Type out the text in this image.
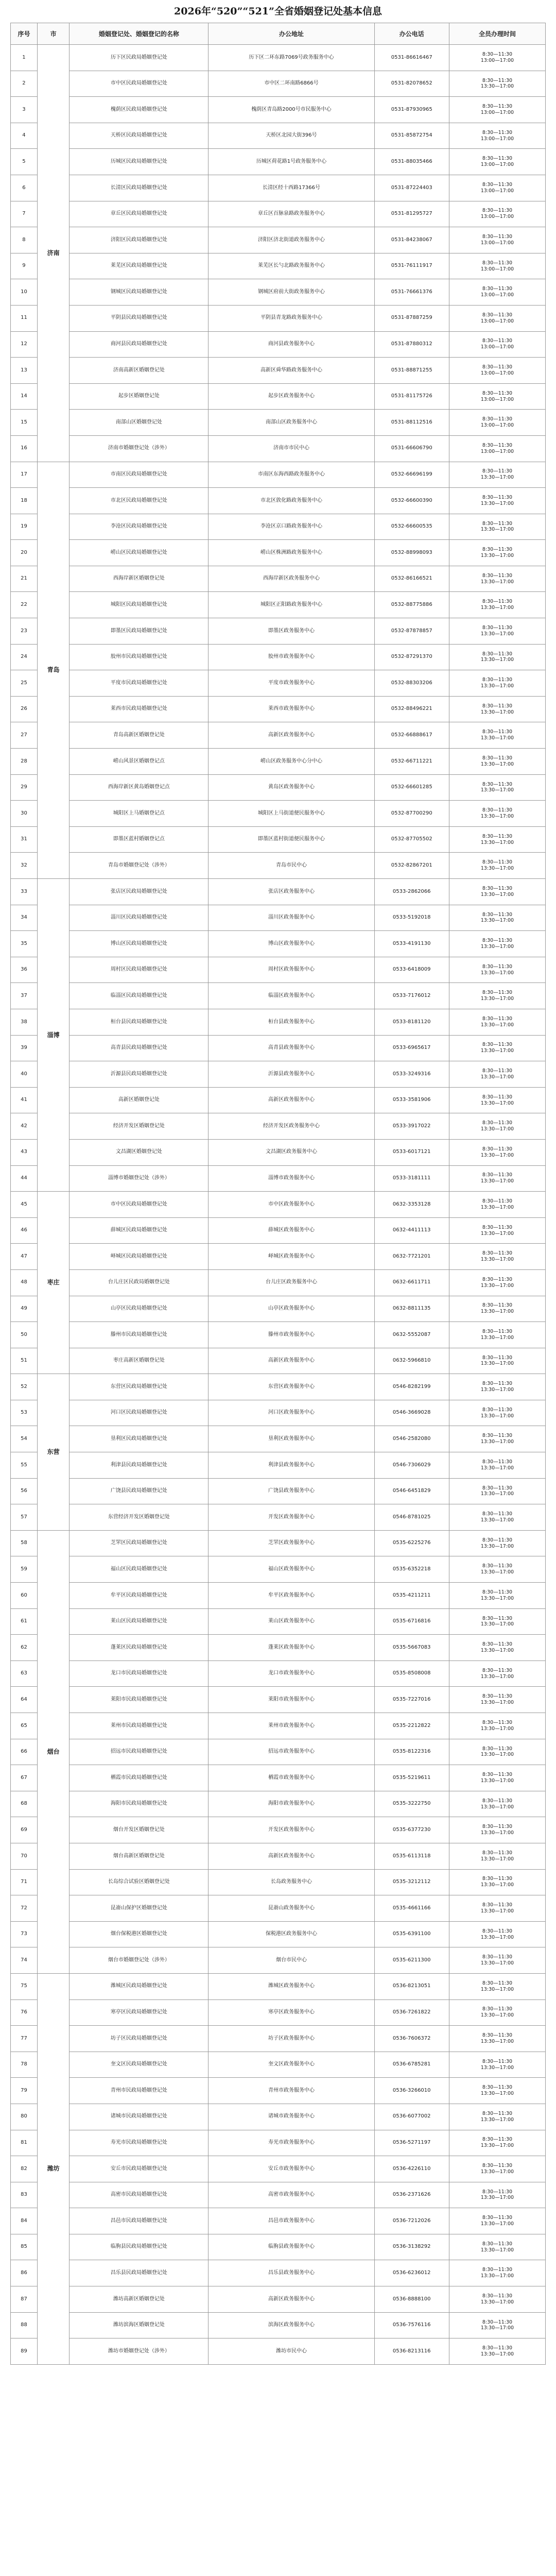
2026年“520”“521”全省婚姻登记处基本信息
序号	市	婚姻登记处、婚姻登记的名称	办公地址	办公电话	全员办理时间
1	济南	历下区民政局婚姻登记处	历下区二环东路7069号政务服务中心	0531-86616467	8:30—11:30
13:00—17:00
2		市中区民政局婚姻登记处	市中区二环南路6866号	0531-82078652	8:30—11:30
13:30—17:00
3		槐荫区民政局婚姻登记处	槐荫区青岛路2000号市民服务中心	0531-87930965	8:30—11:30
13:00—17:00
4		天桥区民政局婚姻登记处	天桥区北园大街396号	0531-85872754	8:30—11:30
13:00—17:00
5		历城区民政局婚姻登记处	历城区荷花路1号政务服务中心	0531-88035466	8:30—11:30
13:00—17:00
6		长清区民政局婚姻登记处	长清区经十西路17366号	0531-87224403	8:30—11:30
13:00—17:00
7		章丘区民政局婚姻登记处	章丘区百脉泉路政务服务中心	0531-81295727	8:30—11:30
13:00—17:00
8		济阳区民政局婚姻登记处	济阳区济北街道政务服务中心	0531-84238067	8:30—11:30
13:00—17:00
9		莱芜区民政局婚姻登记处	莱芜区长勺北路政务服务中心	0531-76111917	8:30—11:30
13:00—17:00
10		钢城区民政局婚姻登记处	钢城区府前大街政务服务中心	0531-76661376	8:30—11:30
13:00—17:00
11		平阴县民政局婚姻登记处	平阴县青龙路政务服务中心	0531-87887259	8:30—11:30
13:00—17:00
12		商河县民政局婚姻登记处	商河县政务服务中心	0531-87880312	8:30—11:30
13:00—17:00
13		济南高新区婚姻登记处	高新区舜华路政务服务中心	0531-88871255	8:30—11:30
13:00—17:00
14		起步区婚姻登记处	起步区政务服务中心	0531-81175726	8:30—11:30
13:00—17:00
15		南部山区婚姻登记处	南部山区政务服务中心	0531-88112516	8:30—11:30
13:00—17:00
16		济南市婚姻登记处（涉外）	济南市市民中心	0531-66606790	8:30—11:30
13:00—17:00
17	青岛	市南区民政局婚姻登记处	市南区东海西路政务服务中心	0532-66696199	8:30—11:30
13:30—17:00
18		市北区民政局婚姻登记处	市北区敦化路政务服务中心	0532-66600390	8:30—11:30
13:30—17:00
19		李沧区民政局婚姻登记处	李沧区京口路政务服务中心	0532-66600535	8:30—11:30
13:30—17:00
20		崂山区民政局婚姻登记处	崂山区株洲路政务服务中心	0532-88998093	8:30—11:30
13:30—17:00
21		西海岸新区婚姻登记处	西海岸新区政务服务中心	0532-86166521	8:30—11:30
13:30—17:00
22		城阳区民政局婚姻登记处	城阳区正阳路政务服务中心	0532-88775886	8:30—11:30
13:30—17:00
23		即墨区民政局婚姻登记处	即墨区政务服务中心	0532-87878857	8:30—11:30
13:30—17:00
24		胶州市民政局婚姻登记处	胶州市政务服务中心	0532-87291370	8:30—11:30
13:30—17:00
25		平度市民政局婚姻登记处	平度市政务服务中心	0532-88303206	8:30—11:30
13:30—17:00
26		莱西市民政局婚姻登记处	莱西市政务服务中心	0532-88496221	8:30—11:30
13:30—17:00
27		青岛高新区婚姻登记处	高新区政务服务中心	0532-66888617	8:30—11:30
13:30—17:00
28		崂山风景区婚姻登记点	崂山区政务服务中心分中心	0532-66711221	8:30—11:30
13:30—17:00
29		西海岸新区黄岛婚姻登记点	黄岛区政务服务中心	0532-66601285	8:30—11:30
13:30—17:00
30		城阳区上马婚姻登记点	城阳区上马街道便民服务中心	0532-87700290	8:30—11:30
13:30—17:00
31		即墨区蓝村婚姻登记点	即墨区蓝村街道便民服务中心	0532-87705502	8:30—11:30
13:30—17:00
32		青岛市婚姻登记处（涉外）	青岛市民中心	0532-82867201	8:30—11:30
13:30—17:00
33	淄博	张店区民政局婚姻登记处	张店区政务服务中心	0533-2862066	8:30—11:30
13:30—17:00
34		淄川区民政局婚姻登记处	淄川区政务服务中心	0533-5192018	8:30—11:30
13:30—17:00
35		博山区民政局婚姻登记处	博山区政务服务中心	0533-4191130	8:30—11:30
13:30—17:00
36		周村区民政局婚姻登记处	周村区政务服务中心	0533-6418009	8:30—11:30
13:30—17:00
37		临淄区民政局婚姻登记处	临淄区政务服务中心	0533-7176012	8:30—11:30
13:30—17:00
38		桓台县民政局婚姻登记处	桓台县政务服务中心	0533-8181120	8:30—11:30
13:30—17:00
39		高青县民政局婚姻登记处	高青县政务服务中心	0533-6965617	8:30—11:30
13:30—17:00
40		沂源县民政局婚姻登记处	沂源县政务服务中心	0533-3249316	8:30—11:30
13:30—17:00
41		高新区婚姻登记处	高新区政务服务中心	0533-3581906	8:30—11:30
13:30—17:00
42		经济开发区婚姻登记处	经济开发区政务服务中心	0533-3917022	8:30—11:30
13:30—17:00
43		文昌湖区婚姻登记处	文昌湖区政务服务中心	0533-6017121	8:30—11:30
13:30—17:00
44		淄博市婚姻登记处（涉外）	淄博市政务服务中心	0533-3181111	8:30—11:30
13:30—17:00
45	枣庄	市中区民政局婚姻登记处	市中区政务服务中心	0632-3353128	8:30—11:30
13:30—17:00
46		薛城区民政局婚姻登记处	薛城区政务服务中心	0632-4411113	8:30—11:30
13:30—17:00
47		峄城区民政局婚姻登记处	峄城区政务服务中心	0632-7721201	8:30—11:30
13:30—17:00
48		台儿庄区民政局婚姻登记处	台儿庄区政务服务中心	0632-6611711	8:30—11:30
13:30—17:00
49		山亭区民政局婚姻登记处	山亭区政务服务中心	0632-8811135	8:30—11:30
13:30—17:00
50		滕州市民政局婚姻登记处	滕州市政务服务中心	0632-5552087	8:30—11:30
13:30—17:00
51		枣庄高新区婚姻登记处	高新区政务服务中心	0632-5966810	8:30—11:30
13:30—17:00
52	东营	东营区民政局婚姻登记处	东营区政务服务中心	0546-8282199	8:30—11:30
13:30—17:00
53		河口区民政局婚姻登记处	河口区政务服务中心	0546-3669028	8:30—11:30
13:30—17:00
54		垦利区民政局婚姻登记处	垦利区政务服务中心	0546-2582080	8:30—11:30
13:30—17:00
55		利津县民政局婚姻登记处	利津县政务服务中心	0546-7306029	8:30—11:30
13:30—17:00
56		广饶县民政局婚姻登记处	广饶县政务服务中心	0546-6451829	8:30—11:30
13:30—17:00
57		东营经济开发区婚姻登记处	开发区政务服务中心	0546-8781025	8:30—11:30
13:30—17:00
58	烟台	芝罘区民政局婚姻登记处	芝罘区政务服务中心	0535-6225276	8:30—11:30
13:30—17:00
59		福山区民政局婚姻登记处	福山区政务服务中心	0535-6352218	8:30—11:30
13:30—17:00
60		牟平区民政局婚姻登记处	牟平区政务服务中心	0535-4211211	8:30—11:30
13:30—17:00
61		莱山区民政局婚姻登记处	莱山区政务服务中心	0535-6716816	8:30—11:30
13:30—17:00
62		蓬莱区民政局婚姻登记处	蓬莱区政务服务中心	0535-5667083	8:30—11:30
13:30—17:00
63		龙口市民政局婚姻登记处	龙口市政务服务中心	0535-8508008	8:30—11:30
13:30—17:00
64		莱阳市民政局婚姻登记处	莱阳市政务服务中心	0535-7227016	8:30—11:30
13:30—17:00
65		莱州市民政局婚姻登记处	莱州市政务服务中心	0535-2212822	8:30—11:30
13:30—17:00
66		招远市民政局婚姻登记处	招远市政务服务中心	0535-8122316	8:30—11:30
13:30—17:00
67		栖霞市民政局婚姻登记处	栖霞市政务服务中心	0535-5219611	8:30—11:30
13:30—17:00
68		海阳市民政局婚姻登记处	海阳市政务服务中心	0535-3222750	8:30—11:30
13:30—17:00
69		烟台开发区婚姻登记处	开发区政务服务中心	0535-6377230	8:30—11:30
13:30—17:00
70		烟台高新区婚姻登记处	高新区政务服务中心	0535-6113118	8:30—11:30
13:30—17:00
71		长岛综合试验区婚姻登记处	长岛政务服务中心	0535-3212112	8:30—11:30
13:30—17:00
72		昆嵛山保护区婚姻登记处	昆嵛山政务服务中心	0535-4661166	8:30—11:30
13:30—17:00
73		烟台保税港区婚姻登记处	保税港区政务服务中心	0535-6391100	8:30—11:30
13:30—17:00
74		烟台市婚姻登记处（涉外）	烟台市民中心	0535-6211300	8:30—11:30
13:30—17:00
75	潍坊	潍城区民政局婚姻登记处	潍城区政务服务中心	0536-8213051	8:30—11:30
13:30—17:00
76		寒亭区民政局婚姻登记处	寒亭区政务服务中心	0536-7261822	8:30—11:30
13:30—17:00
77		坊子区民政局婚姻登记处	坊子区政务服务中心	0536-7606372	8:30—11:30
13:30—17:00
78		奎文区民政局婚姻登记处	奎文区政务服务中心	0536-6785281	8:30—11:30
13:30—17:00
79		青州市民政局婚姻登记处	青州市政务服务中心	0536-3266010	8:30—11:30
13:30—17:00
80		诸城市民政局婚姻登记处	诸城市政务服务中心	0536-6077002	8:30—11:30
13:30—17:00
81		寿光市民政局婚姻登记处	寿光市政务服务中心	0536-5271197	8:30—11:30
13:30—17:00
82		安丘市民政局婚姻登记处	安丘市政务服务中心	0536-4226110	8:30—11:30
13:30—17:00
83		高密市民政局婚姻登记处	高密市政务服务中心	0536-2371626	8:30—11:30
13:30—17:00
84		昌邑市民政局婚姻登记处	昌邑市政务服务中心	0536-7212026	8:30—11:30
13:30—17:00
85		临朐县民政局婚姻登记处	临朐县政务服务中心	0536-3138292	8:30—11:30
13:30—17:00
86		昌乐县民政局婚姻登记处	昌乐县政务服务中心	0536-6236012	8:30—11:30
13:30—17:00
87		潍坊高新区婚姻登记处	高新区政务服务中心	0536-8888100	8:30—11:30
13:30—17:00
88		潍坊滨海区婚姻登记处	滨海区政务服务中心	0536-7576116	8:30—11:30
13:30—17:00
89		潍坊市婚姻登记处（涉外）	潍坊市民中心	0536-8213116	8:30—11:30
13:30—17:00
